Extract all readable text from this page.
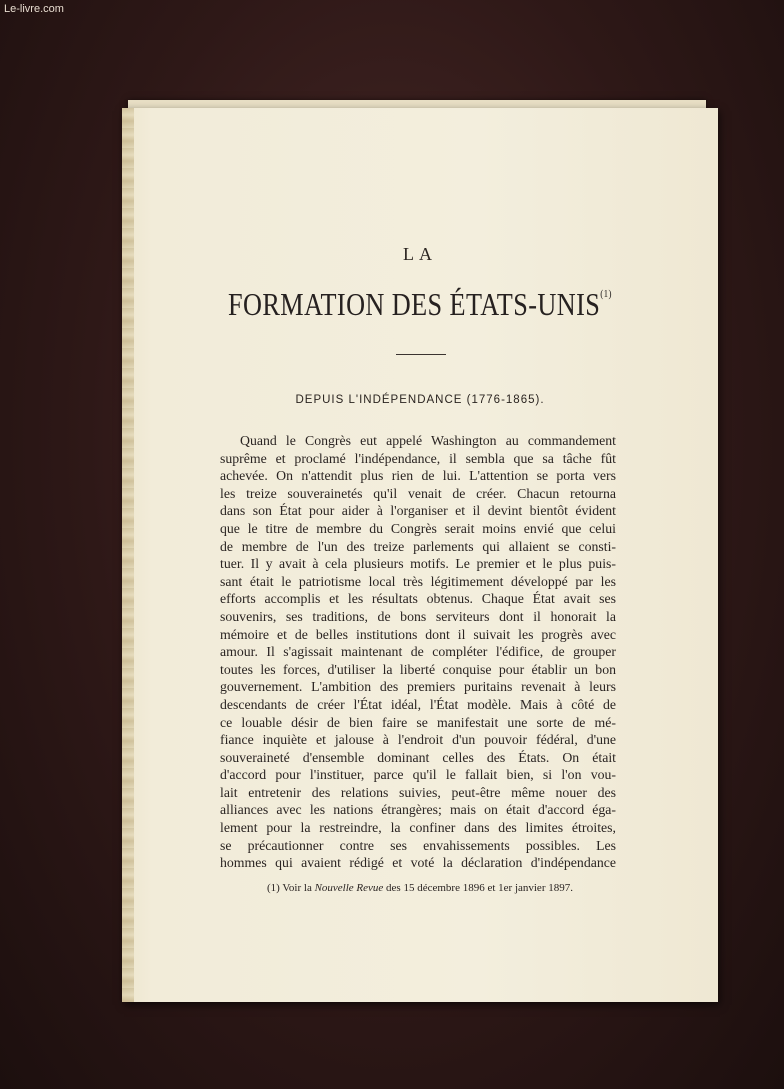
Le-livre.com
LA
FORMATION DES ÉTATS-UNIS$^{(1)}$
DEPUIS L'INDÉPENDANCE (1776-1865).
Quand le Congrès eut appelé Washington au commandement
suprême et proclamé l'indépendance, il sembla que sa tâche fût
achevée. On n'attendit plus rien de lui. L'attention se porta vers
les treize souverainetés qu'il venait de créer. Chacun retourna
dans son État pour aider à l'organiser et il devint bientôt évident
que le titre de membre du Congrès serait moins envié que celui
de membre de l'un des treize parlements qui allaient se consti-
tuer. Il y avait à cela plusieurs motifs. Le premier et le plus puis-
sant était le patriotisme local très légitimement développé par les
efforts accomplis et les résultats obtenus. Chaque État avait ses
souvenirs, ses traditions, de bons serviteurs dont il honorait la
mémoire et de belles institutions dont il suivait les progrès avec
amour. Il s'agissait maintenant de compléter l'édifice, de grouper
toutes les forces, d'utiliser la liberté conquise pour établir un bon
gouvernement. L'ambition des premiers puritains revenait à leurs
descendants de créer l'État idéal, l'État modèle. Mais à côté de
ce louable désir de bien faire se manifestait une sorte de mé-
fiance inquiète et jalouse à l'endroit d'un pouvoir fédéral, d'une
souveraineté d'ensemble dominant celles des États. On était
d'accord pour l'instituer, parce qu'il le fallait bien, si l'on vou-
lait entretenir des relations suivies, peut-être même nouer des
alliances avec les nations étrangères; mais on était d'accord éga-
lement pour la restreindre, la confiner dans des limites étroites,
se précautionner contre ses envahissements possibles. Les
hommes qui avaient rédigé et voté la déclaration d'indépendance
(1) Voir la Nouvelle Revue des 15 décembre 1896 et 1er janvier 1897.
